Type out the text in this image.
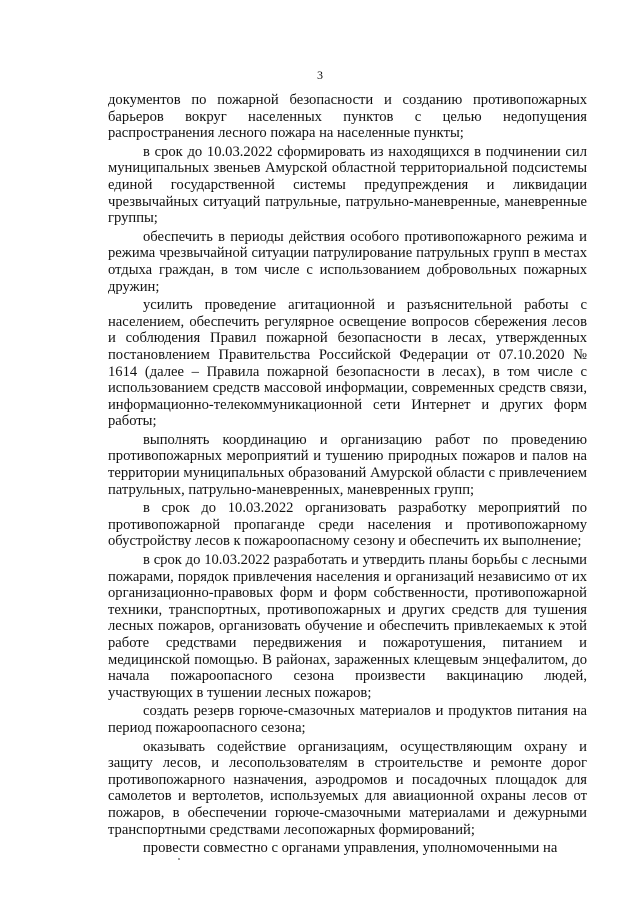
3

документов по пожарной безопасности и созданию противопожарных барьеров вокруг населенных пунктов с целью недопущения распространения лесного пожара на населенные пункты;

в срок до 10.03.2022 сформировать из находящихся в подчинении сил муниципальных звеньев Амурской областной территориальной подсистемы единой государственной системы предупреждения и ликвидации чрезвычайных ситуаций патрульные, патрульно-маневренные, маневренные группы;

обеспечить в периоды действия особого противопожарного режима и режима чрезвычайной ситуации патрулирование патрульных групп в местах отдыха граждан, в том числе с использованием добровольных пожарных дружин;

усилить проведение агитационной и разъяснительной работы с населением, обеспечить регулярное освещение вопросов сбережения лесов и соблюдения Правил пожарной безопасности в лесах, утвержденных постановлением Правительства Российской Федерации от 07.10.2020 № 1614 (далее – Правила пожарной безопасности в лесах), в том числе с использованием средств массовой информации, современных средств связи, информационно-телекоммуникационной сети Интернет и других форм работы;

выполнять координацию и организацию работ по проведению противопожарных мероприятий и тушению природных пожаров и палов на территории муниципальных образований Амурской области с привлечением патрульных, патрульно-маневренных, маневренных групп;

в срок до 10.03.2022 организовать разработку мероприятий по противопожарной пропаганде среди населения и противопожарному обустройству лесов к пожароопасному сезону и обеспечить их выполнение;

в срок до 10.03.2022 разработать и утвердить планы борьбы с лесными пожарами, порядок привлечения населения и организаций независимо от их организационно-правовых форм и форм собственности, противопожарной техники, транспортных, противопожарных и других средств для тушения лесных пожаров, организовать обучение и обеспечить привлекаемых к этой работе средствами передвижения и пожаротушения, питанием и медицинской помощью. В районах, зараженных клещевым энцефалитом, до начала пожароопасного сезона произвести вакцинацию людей, участвующих в тушении лесных пожаров;

создать резерв горюче-смазочных материалов и продуктов питания на период пожароопасного сезона;

оказывать содействие организациям, осуществляющим охрану и защиту лесов, и лесопользователям в строительстве и ремонте дорог противопожарного назначения, аэродромов и посадочных площадок для самолетов и вертолетов, используемых для авиационной охраны лесов от пожаров, в обеспечении горюче-смазочными материалами и дежурными транспортными средствами лесопожарных формирований;

провести совместно с органами управления, уполномоченными на
